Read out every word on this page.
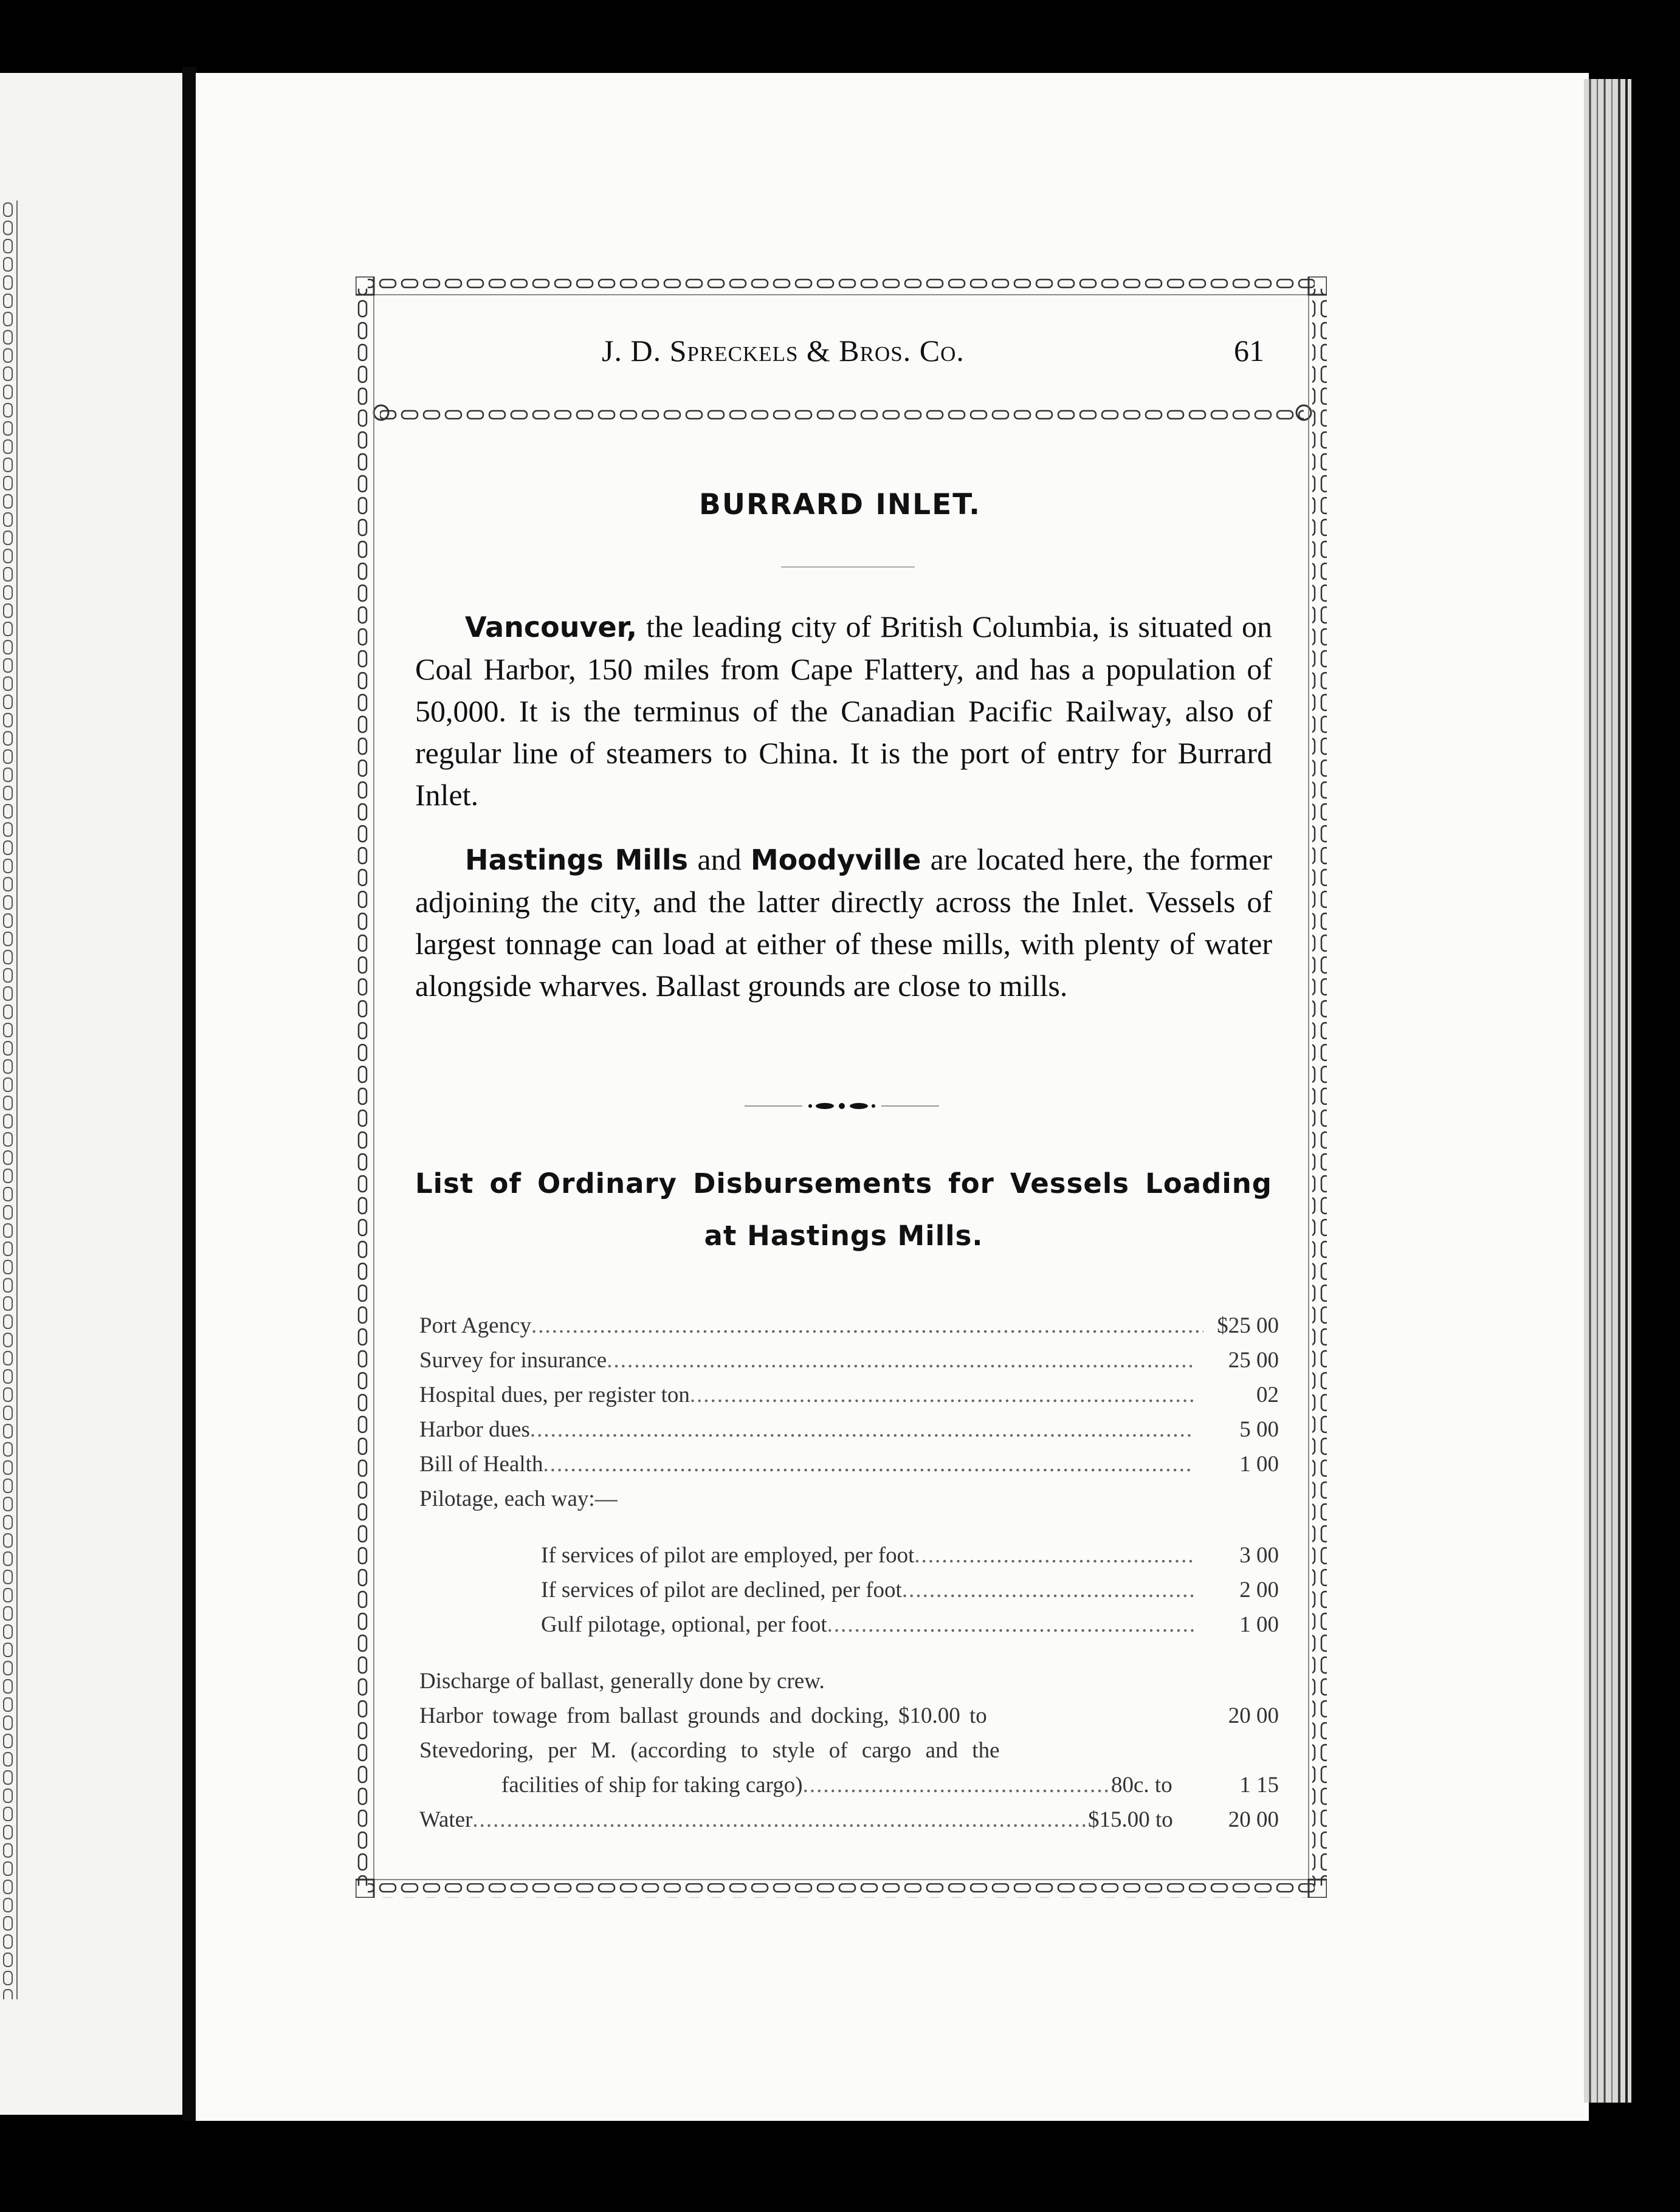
J. D. Spreckels & Bros. Co.	61
BURRARD INLET.

Vancouver, the leading city of British Columbia, is situated on Coal Harbor, 150 miles from Cape Flattery, and has a population of 50,000. It is the terminus of the Canadian Pacific Railway, also of regular line of steamers to China. It is the port of entry for Burrard Inlet.

Hastings Mills and Moodyville are located here, the former adjoining the city, and the latter directly across the Inlet. Vessels of largest tonnage can load at either of these mills, with plenty of water alongside wharves. Ballast grounds are close to mills.

List of Ordinary Disbursements for Vessels Loading at Hastings Mills.
Port Agency .....	$25 00
Survey for insurance .....	25 00
Hospital dues, per register ton .....	02
Harbor dues .....	5 00
Bill of Health .....	1 00
Pilotage, each way:—
If services of pilot are employed, per foot .....	3 00
If services of pilot are declined, per foot .....	2 00
Gulf pilotage, optional, per foot .....	1 00
Discharge of ballast, generally done by crew.
Harbor towage from ballast grounds and docking, $10.00 to	20 00
Stevedoring, per M. (according to style of cargo and the
facilities of ship for taking cargo) .....	80c. to	1 15
Water .....	$15.00 to	20 00
